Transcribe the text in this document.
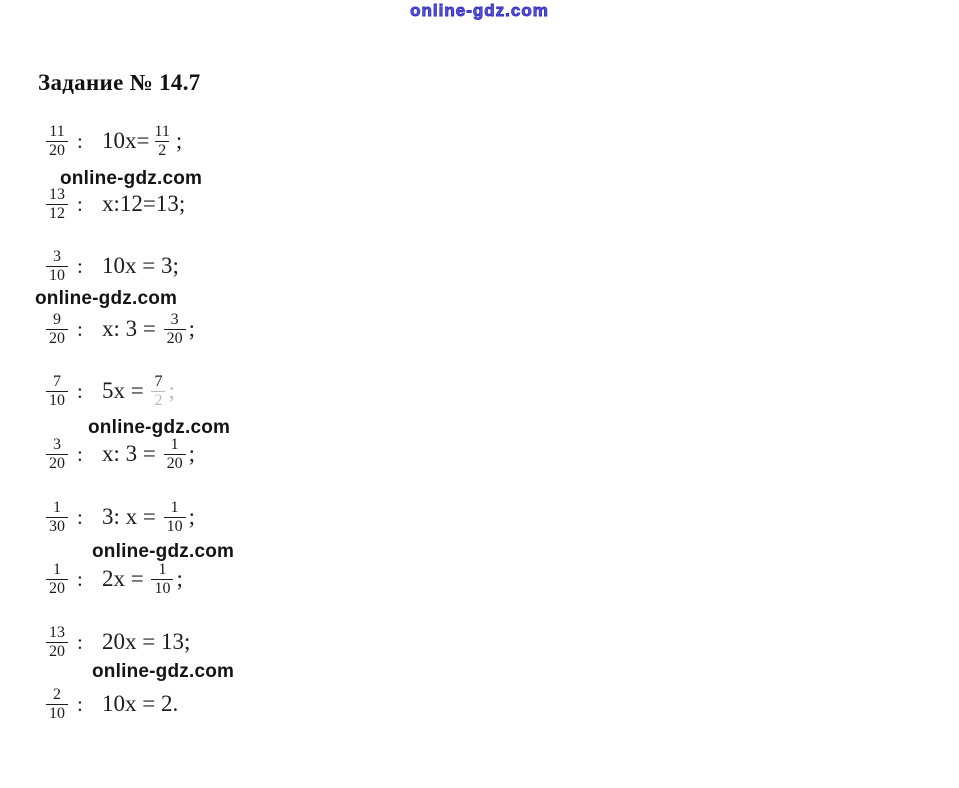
online-gdz.com
Задание № 14.7
$\frac{11}{20}$ : $10x= \frac{11}{2}$ ;
$\frac{13}{12}$ : x:12=13;
$\frac{3}{10}$ : 10x = 3;
$\frac{9}{20}$ : x: $3 = \frac{3}{20}$ ;
$\frac{7}{10}$ : $5x = \frac{7}{2}$ ;
$\frac{3}{20}$ : x: $3 = \frac{1}{20}$ ;
$\frac{1}{30}$ : 3: $x = \frac{1}{10}$ ;
$\frac{1}{20}$ : $2x = \frac{1}{10}$ ;
$\frac{13}{20}$ : 20x = 13;
$\frac{2}{10}$ : 10x = 2.
online-gdz.com
online-gdz.com
online-gdz.com
online-gdz.com
online-gdz.com
